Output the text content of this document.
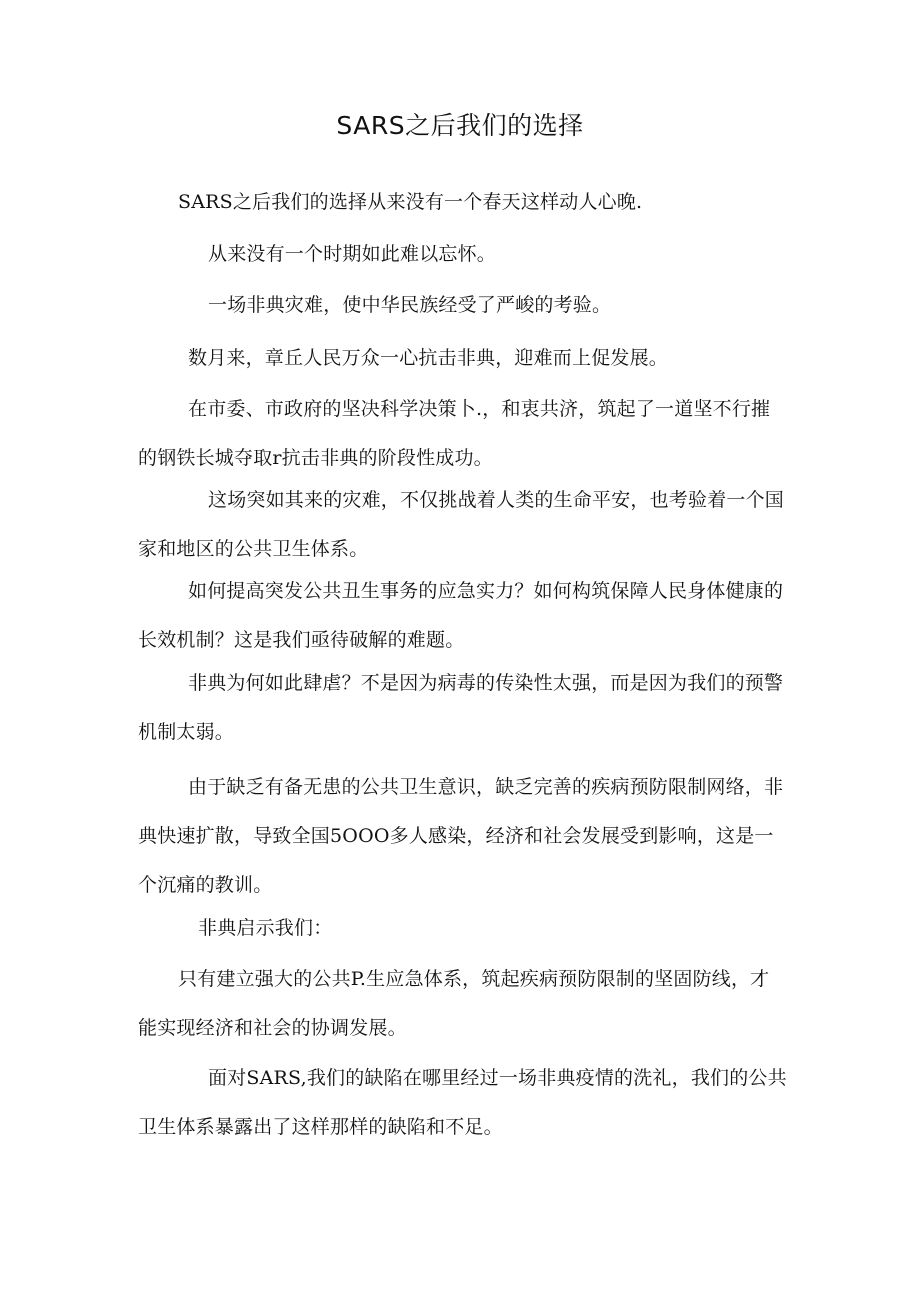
SARS之后我们的选择

SARS之后我们的选择从来没有一个春天这样动人心晚.

从来没有一个时期如此难以忘怀。

一场非典灾难，使中华民族经受了严峻的考验。

数月来，章丘人民万众一心抗击非典，迎难而上促发展。

在市委、市政府的坚决科学决策卜.，和衷共济，筑起了一道坚不行摧的钢铁长城夺取r抗击非典的阶段性成功。

这场突如其来的灾难，不仅挑战着人类的生命平安，也考验着一个国家和地区的公共卫生体系。

如何提高突发公共丑生事务的应急实力？如何构筑保障人民身体健康的长效机制？这是我们亟待破解的难题。

非典为何如此肆虐？不是因为病毒的传染性太强，而是因为我们的预警机制太弱。

由于缺乏有备无患的公共卫生意识，缺乏完善的疾病预防限制网络，非典快速扩散，导致全国5OOO多人感染，经济和社会发展受到影响，这是一个沉痛的教训。

非典启示我们：

只有建立强大的公共P.生应急体系，筑起疾病预防限制的坚固防线，才能实现经济和社会的协调发展。

面对SARS,我们的缺陷在哪里经过一场非典疫情的洗礼，我们的公共卫生体系暴露出了这样那样的缺陷和不足。
